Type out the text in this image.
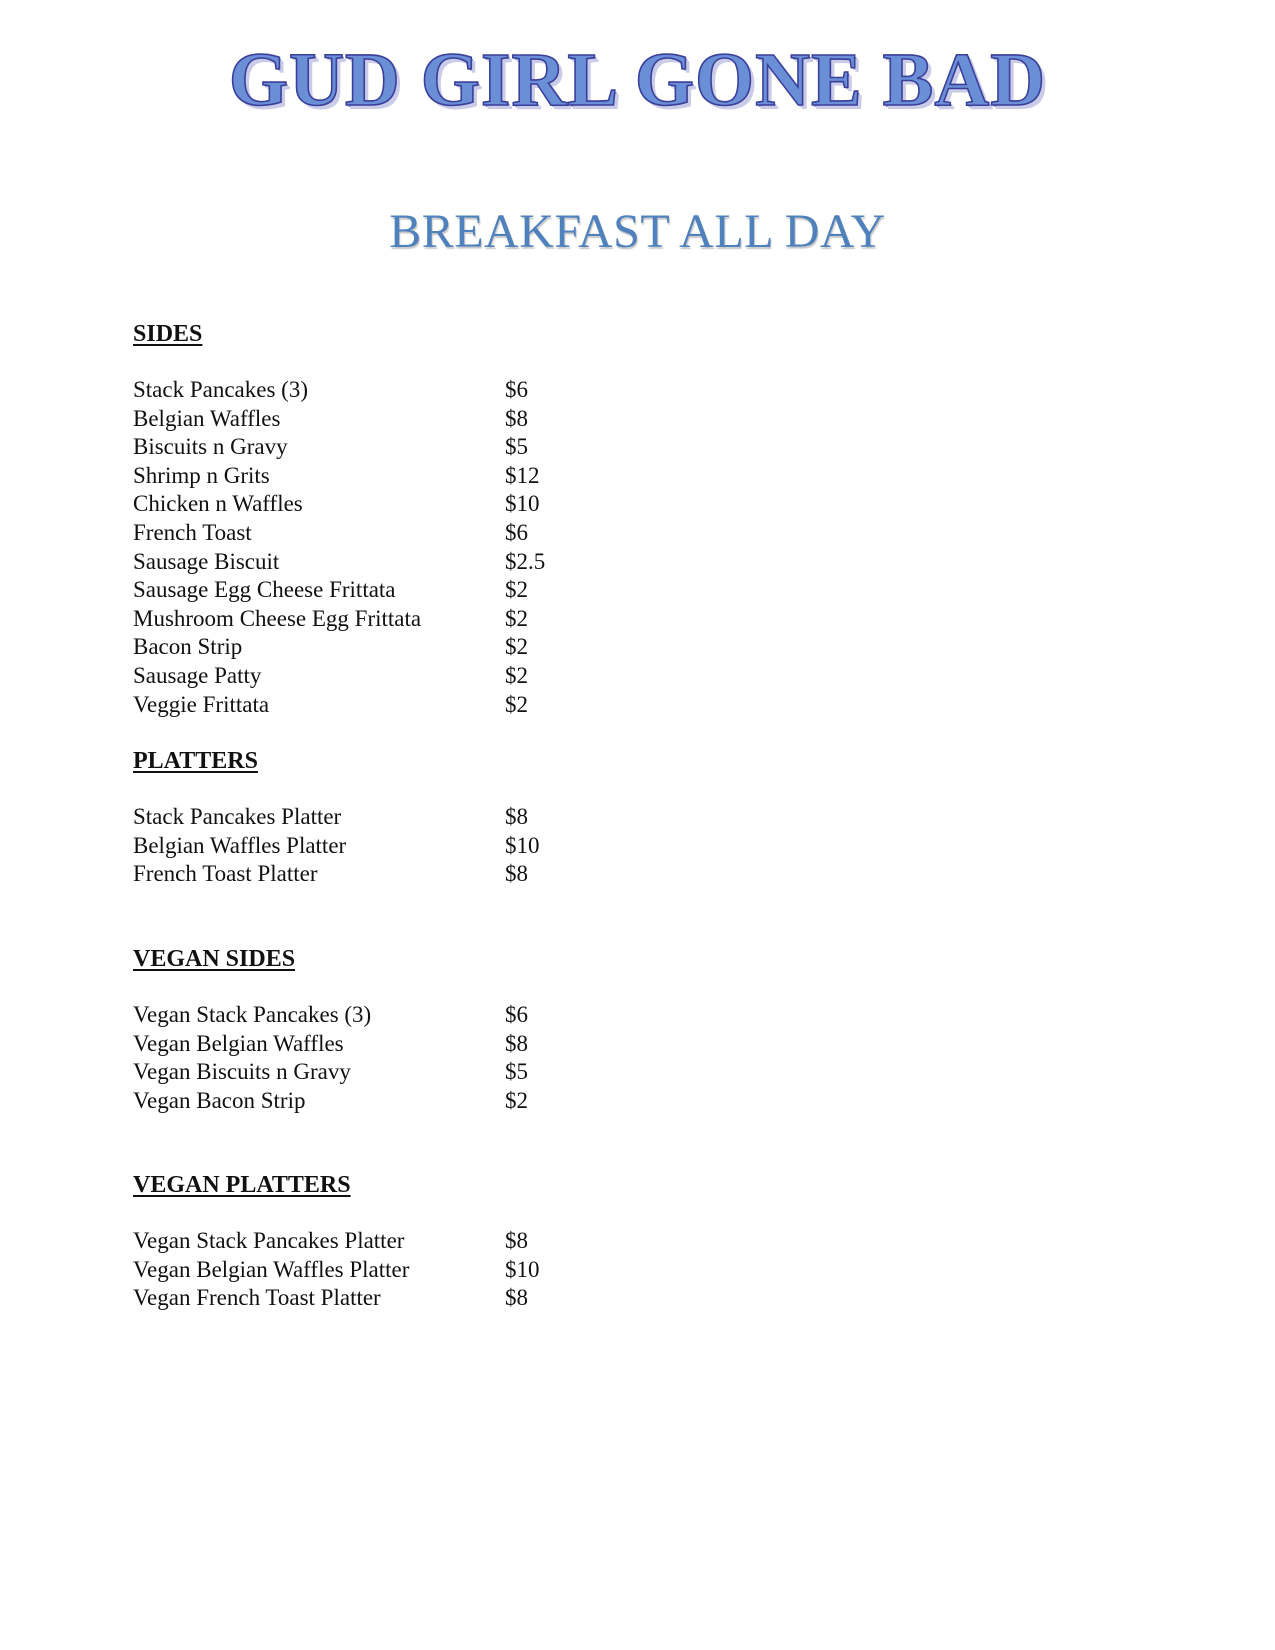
GUD GIRL GONE BAD
BREAKFAST ALL DAY
SIDES
Stack Pancakes (3)	$6
Belgian Waffles	$8
Biscuits n Gravy	$5
Shrimp n Grits	$12
Chicken n Waffles	$10
French Toast	$6
Sausage Biscuit	$2.5
Sausage Egg Cheese Frittata	$2
Mushroom Cheese Egg Frittata	$2
Bacon Strip	$2
Sausage Patty	$2
Veggie Frittata	$2
PLATTERS
Stack Pancakes Platter	$8
Belgian Waffles Platter	$10
French Toast Platter	$8
VEGAN SIDES
Vegan Stack Pancakes (3)	$6
Vegan Belgian Waffles	$8
Vegan Biscuits n Gravy	$5
Vegan Bacon Strip	$2
VEGAN PLATTERS
Vegan Stack Pancakes Platter	$8
Vegan Belgian Waffles Platter	$10
Vegan French Toast Platter	$8
